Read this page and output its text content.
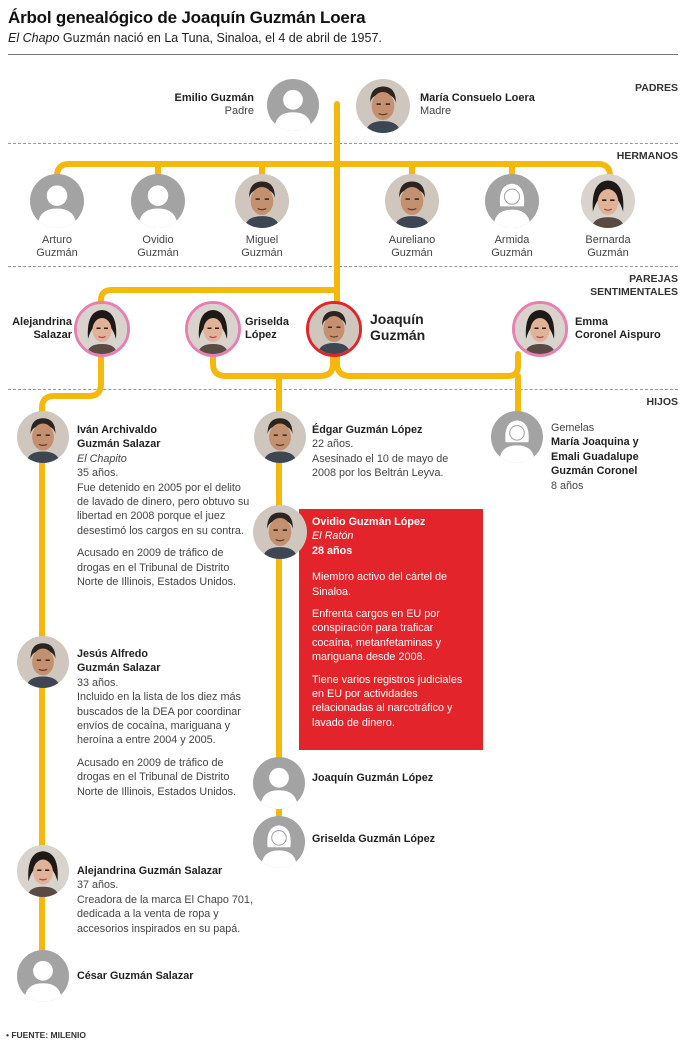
Árbol genealógico de Joaquín Guzmán Loera
El Chapo Guzmán nació en La Tuna, Sinaloa, el 4 de abril de 1957.
PADRES
HERMANOS
PAREJAS
SENTIMENTALES
HIJOS
Emilio Guzmán
Padre
María Consuelo Loera
Madre
Arturo
Guzmán
Ovidio
Guzmán
Miguel
Guzmán
Aureliano
Guzmán
Armida
Guzmán
Bernarda
Guzmán
Alejandrina
Salazar
Griselda
López
Joaquín
Guzmán
Emma
Coronel Aispuro
Iván Archivaldo
Guzmán Salazar
El Chapito
35 años.

Fue detenido en 2005 por el delito de lavado de dinero, pero obtuvo su libertad en 2008 porque el juez desestimó los cargos en su contra.

Acusado en 2009 de tráfico de drogas en el Tribunal de Distrito Norte de Illinois, Estados Unidos.

Jesús Alfredo
Guzmán Salazar
33 años.

Incluido en la lista de los diez más buscados de la DEA por coordinar envíos de cocaína, mariguana y heroína a entre 2004 y 2005.

Acusado en 2009 de tráfico de drogas en el Tribunal de Distrito Norte de Illinois, Estados Unidos.

Alejandrina Guzmán Salazar
37 años.

Creadora de la marca El Chapo 701, dedicada a la venta de ropa y accesorios inspirados en su papá.

César Guzmán Salazar
Édgar Guzmán López
22 años.

Asesinado el 10 de mayo de 2008 por los Beltrán Leyva.

Ovidio Guzmán López
El Ratón
28 años

Miembro activo del cártel de Sinaloa.

Enfrenta cargos en EU por conspiración para traficar cocaína, metanfetaminas y mariguana desde 2008.

Tiene varios registros judiciales en EU por actividades relacionadas al narcotráfico y lavado de dinero.

Joaquín Guzmán López
Griselda Guzmán López
Gemelas
María Joaquina y
Emali Guadalupe
Guzmán Coronel
8 años
• FUENTE: MILENIO
